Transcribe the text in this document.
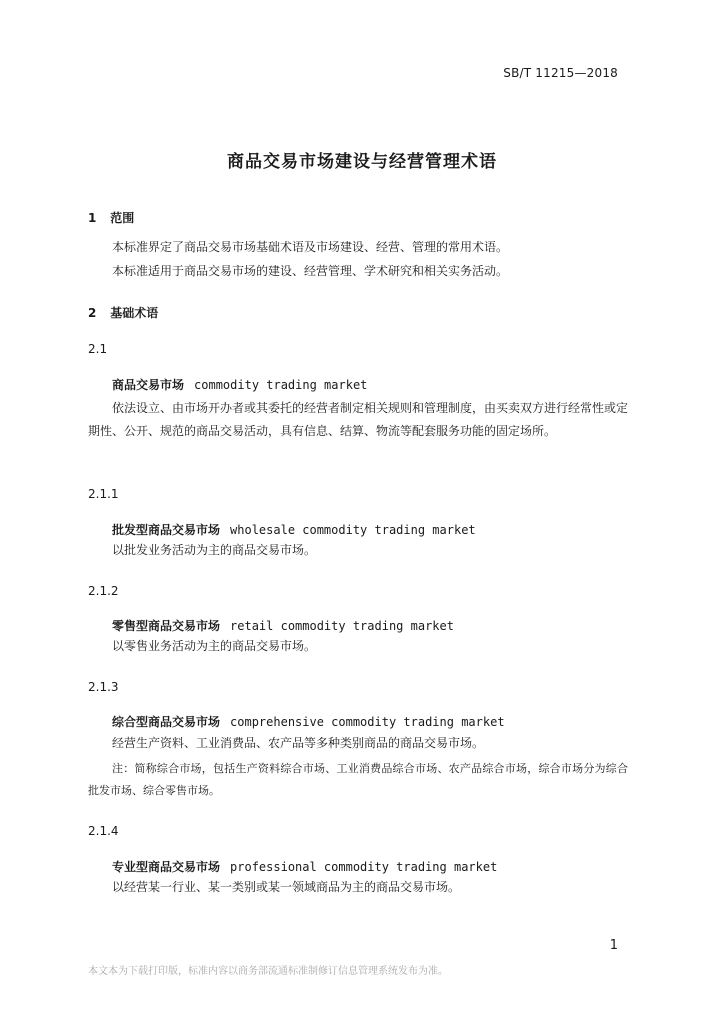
SB/T 11215—2018
商品交易市场建设与经营管理术语
1 范围

本标准界定了商品交易市场基础术语及市场建设、经营、管理的常用术语。

本标准适用于商品交易市场的建设、经营管理、学术研究和相关实务活动。

2 基础术语
2.1
商品交易市场 commodity trading market

依法设立、由市场开办者或其委托的经营者制定相关规则和管理制度，由买卖双方进行经常性或定期性、公开、规范的商品交易活动，具有信息、结算、物流等配套服务功能的固定场所。

2.1.1
批发型商品交易市场 wholesale commodity trading market

以批发业务活动为主的商品交易市场。

2.1.2
零售型商品交易市场 retail commodity trading market

以零售业务活动为主的商品交易市场。

2.1.3
综合型商品交易市场 comprehensive commodity trading market

经营生产资料、工业消费品、农产品等多种类别商品的商品交易市场。

注：简称综合市场，包括生产资料综合市场、工业消费品综合市场、农产品综合市场，综合市场分为综合批发市场、综合零售市场。

2.1.4
专业型商品交易市场 professional commodity trading market

以经营某一行业、某一类别或某一领域商品为主的商品交易市场。

1
本文本为下载打印版，标准内容以商务部流通标准制修订信息管理系统发布为准。
